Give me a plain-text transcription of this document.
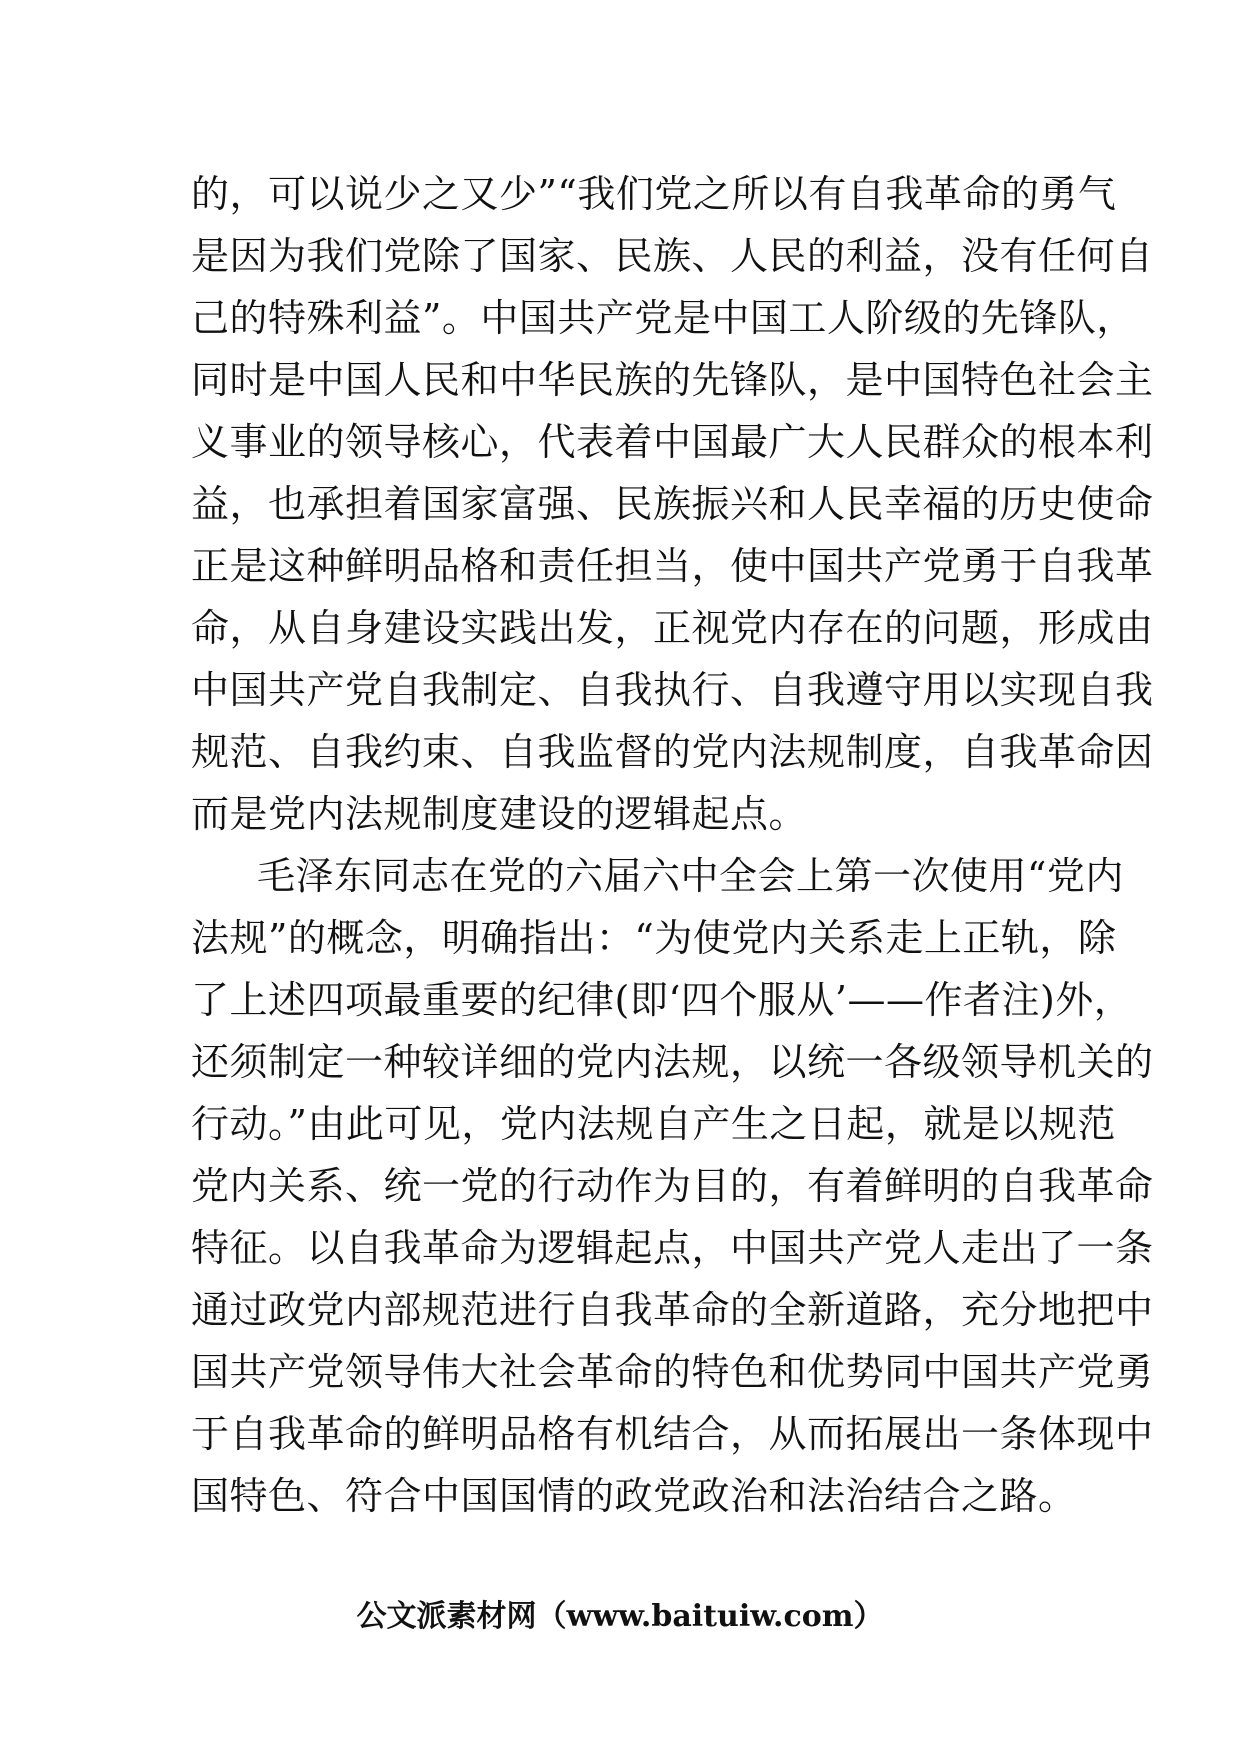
的，可以说少之又少”“我们党之所以有自我革命的勇气
是因为我们党除了国家、民族、人民的利益，没有任何自
己的特殊利益”。中国共产党是中国工人阶级的先锋队，
同时是中国人民和中华民族的先锋队，是中国特色社会主
义事业的领导核心，代表着中国最广大人民群众的根本利
益，也承担着国家富强、民族振兴和人民幸福的历史使命
正是这种鲜明品格和责任担当，使中国共产党勇于自我革
命，从自身建设实践出发，正视党内存在的问题，形成由
中国共产党自我制定、自我执行、自我遵守用以实现自我
规范、自我约束、自我监督的党内法规制度，自我革命因
而是党内法规制度建设的逻辑起点。
毛泽东同志在党的六届六中全会上第一次使用“党内
法规”的概念，明确指出：“为使党内关系走上正轨，除
了上述四项最重要的纪律(即‘四个服从’——作者注)外，
还须制定一种较详细的党内法规，以统一各级领导机关的
行动。”由此可见，党内法规自产生之日起，就是以规范
党内关系、统一党的行动作为目的，有着鲜明的自我革命
特征。以自我革命为逻辑起点，中国共产党人走出了一条
通过政党内部规范进行自我革命的全新道路，充分地把中
国共产党领导伟大社会革命的特色和优势同中国共产党勇
于自我革命的鲜明品格有机结合，从而拓展出一条体现中
国特色、符合中国国情的政党政治和法治结合之路。
公文派素材网（www.baituiw.com）
